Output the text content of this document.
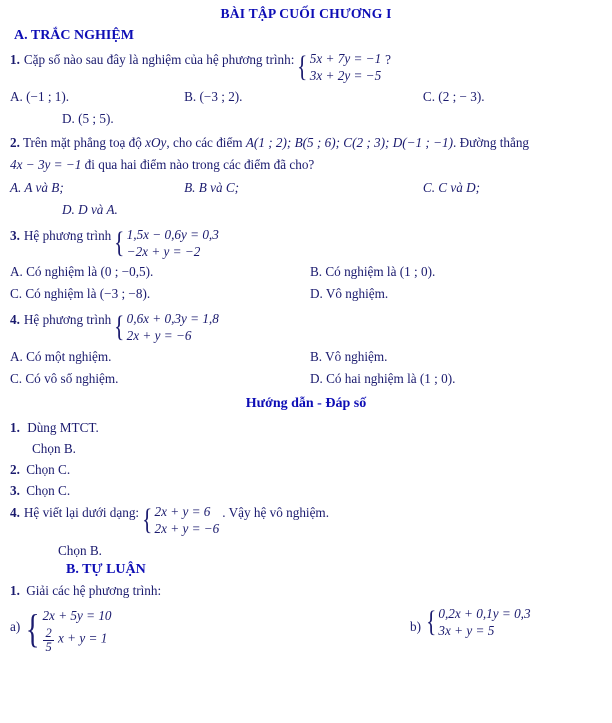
BÀI TẬP CUỐI CHƯƠNG I
A. TRẮC NGHIỆM
1. Cặp số nào sau đây là nghiệm của hệ phương trình: { 5x + 7y = −1
3x + 2y = −5
?
A. (−1 ; 1).	B. (−3 ; 2).	C. (2 ; − 3).
D. (5 ; 5).
2. Trên mặt phẳng toạ độ xOy, cho các điểm A(1 ; 2); B(5 ; 6); C(2 ; 3); D(−1 ; −1). Đường thẳng
4x − 3y = −1 đi qua hai điểm nào trong các điểm đã cho?
A. A và B;	B. B và C;	C. C và D;
D. D và A.
3. Hệ phương trình { 1,5x − 0,6y = 0,3
−2x + y = −2
A. Có nghiệm là (0 ; −0,5).	B. Có nghiệm là (1 ; 0).
C. Có nghiệm là (−3 ; −8).	D. Vô nghiệm.
4. Hệ phương trình { 0,6x + 0,3y = 1,8
2x + y = −6
A. Có một nghiệm.	B. Vô nghiệm.
C. Có vô số nghiệm.	D. Có hai nghiệm là (1 ; 0).
Hướng dẫn - Đáp số
1. Dùng MTCT.
Chọn B.
2. Chọn C.
3. Chọn C.
4. Hệ viết lại dưới dạng: { 2x + y = 6
2x + y = −6
. Vậy hệ vô nghiệm.
Chọn B.
B. TỰ LUẬN
1. Giải các hệ phương trình:
a) { 2x + 5y = 10
$\frac{2}{5}$ x + y = 1
b) { 0,2x + 0,1y = 0,3
3x + y = 5
